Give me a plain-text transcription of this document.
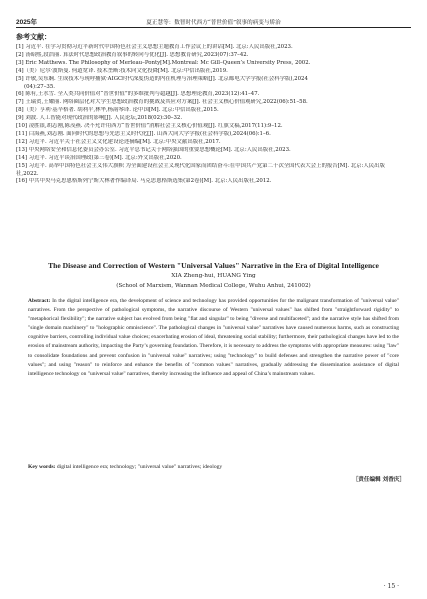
2025年	夏正慧等：数智时代西方“普世价值”叙事的病变与矫治
参考文献：
[1] 习近平. 在学习贯彻习近平新时代中国特色社会主义思想主题教育工作会议上的讲话[M]. 北京:人民出版社,2023.
[2] 汤昭熙,段浩丽. 算法时代思想政治教育叙事的转向与优化[J]. 思想教育研究,2023(07):37–42.
[3] Eric Matthews. The Philosophy of Merleau–Ponty[M].Montreal: Mc Gill–Queen’s University Press, 2002.
[4]（美）尼尔·波斯曼. 何道宽译. 技术垄断:技术向文化投降[M]. 北京:中信出版社,2019.
[5] 许敏,吴东娴. 生成技术与现呼捕狱·AIGC时代深度伪造的内在机理与治理策略[J]. 北京邮电大学学报(社会科学版),2024
(04):27–35.
[6] 陈有,王水雪. 全人类共同价值对“普世价值”的多维批判与超越[J]. 思想理论教育,2023(12):41–47.
[7] 王瑞贺,王耀丽. 网络圈层化对大学生思想政治教育的挑战及其应对方案[J]. 社会主义核心价值观研究,2022(06):51–58.
[8]（美）亨利·基辛格著. 胡利平,林华,杨韵琴译. 论中国[M]. 北京:中信出版社,2015.
[9] 刘波. 人工智能对现代政治的影响[J]. 人民论坛,2018(02):30–32.
[10] 凌胜银,胡志刚,陈茂燕. 决不允许用西方“普世价值”消解社会主义核心价值观[J]. 红旗文稿,2017(11):9–12.
[11] 白海燕,刘志刚. 面向时代的思想与先思主义时代化[J]. 山西大同大学学报(社会科学版),2024(06):1–6.
[12] 习近平. 习近平关于社会主义文化建设论述摘编[M]. 北京:中央文献出版社,2017.
[13] 中央网络安全和信息化委员会办公室. 习近平总书记关于网络强国的重要思想概论[M]. 北京:人民出版社,2023.
[14] 习近平. 习近平谈治国理政(第三卷)[M]. 北京:外文出版社,2020.
[15] 习近平. 高举中国特色社会主义伟大旗帜 为全面建设社会主义现代化国家而团结奋斗:在中国共产党第二十次全国代表大会上的报告[M]. 北京:人民出版社,2022.
[16] 中共中央马克思恩格斯列宁斯大林著作编译局. 马克思恩格斯选集(第2卷)[M]. 北京:人民出版社,2012.
The Disease and Correction of Western "Universal Values" Narrative in the Era of Digital Intelligence
XIA Zheng-hui, HUANG Ying
(School of Marxism, Wannan Medical College, Wuhu Anhui, 241002)
Abstract: In the digital intelligence era, the development of science and technology has provided opportunities for the malignant transformation of "universal value" narratives. From the perspective of pathological symptoms, the narrative discourse of Western "universal values" has shifted from "straightforward rigidity" to "metaphorical flexibility"; the narrative subject has evolved from being "flat and singular" to being "diverse and multifaceted"; and the narrative style has shifted from "single domain machinery" to "holographic omniscience". The pathological changes in "universal value" narratives have caused numerous harms, such as constructing cognitive barriers, controlling individual value choices; exacerbating erosion of ideal, threatening social stability; furthermore, their pathological changes have led to the erosion of mainstream authority, impacting the Party’s governing foundation. Therefore, it is necessary to address the symptoms with appropriate measures: using "law" to consolidate foundations and prevent confusion in "universal value" narratives; using "technology" to build defenses and strengthen the narrative power of "core values"; and using "reason" to reinforce and enhance the benefits of "common values" narratives, gradually addressing the dissemination assistance of digital intelligence technology on "universal value" narratives, thereby increasing the influence and appeal of China’s mainstream values.
Key words: digital intelligence era; technology; "universal value" narratives; ideology
［责任编辑 刘香庆］
· 15 ·
